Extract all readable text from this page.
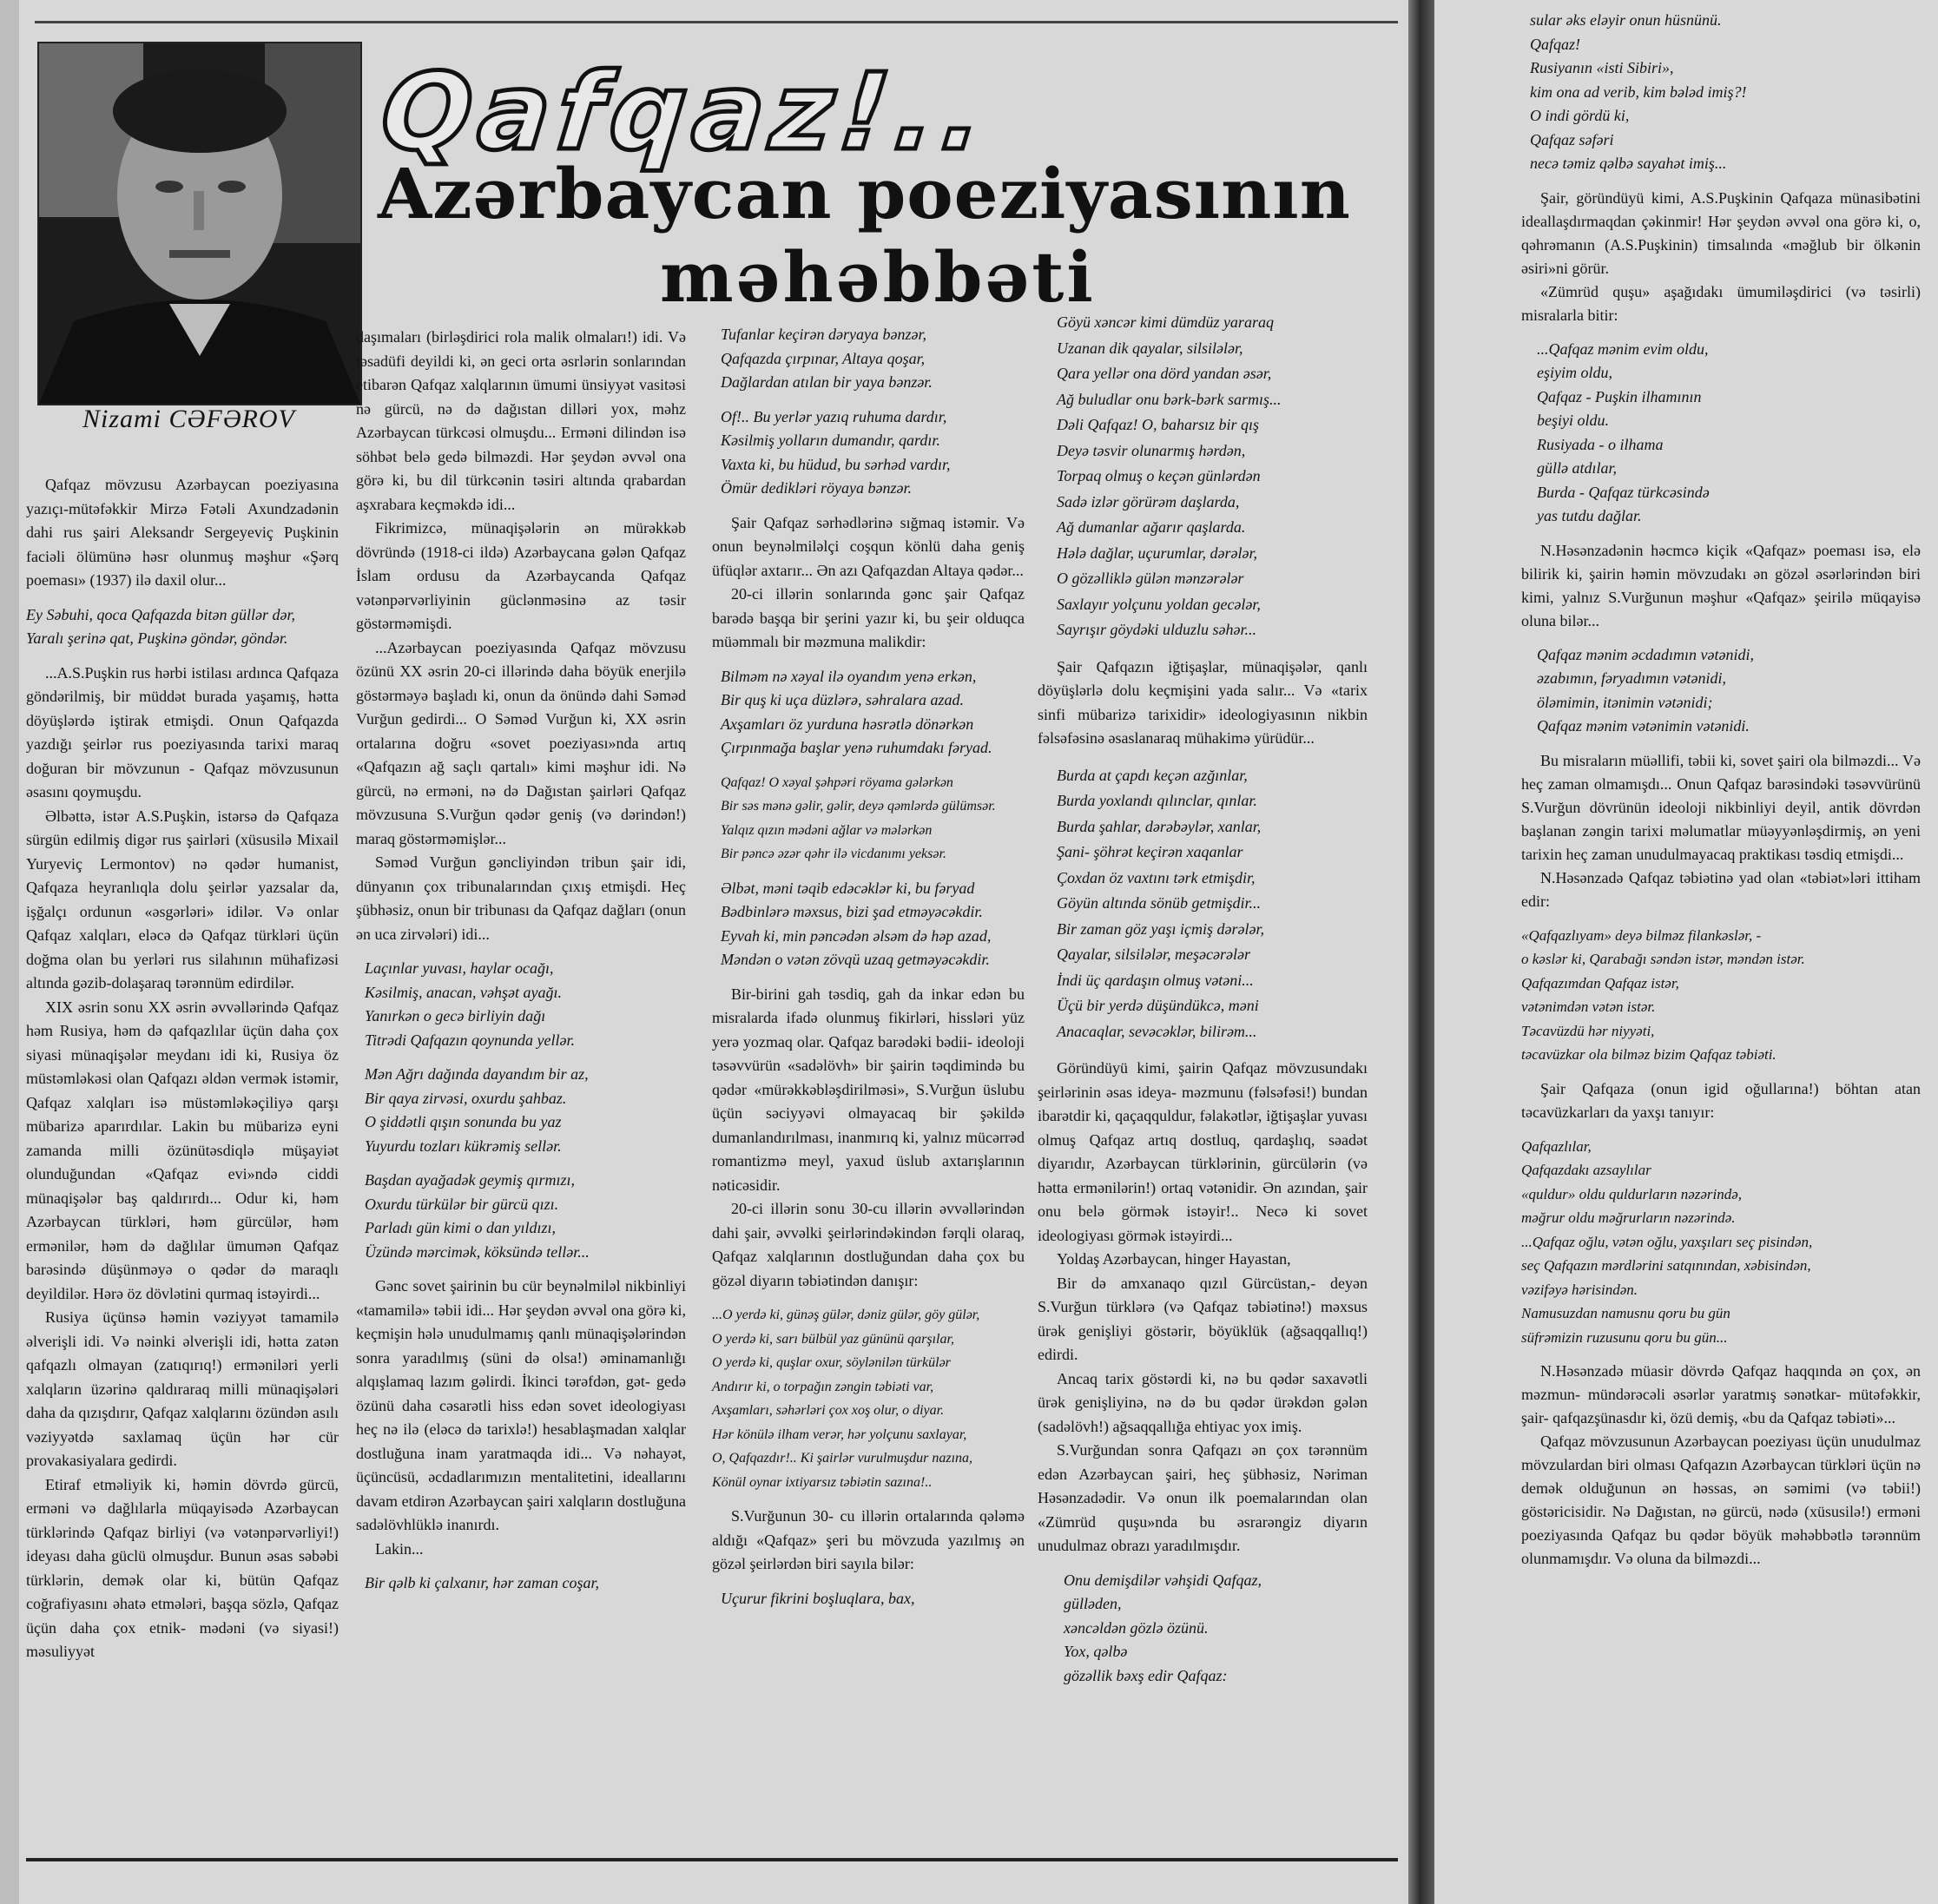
Nizami CƏFƏROV
Qafqaz!..
Azərbaycan poeziyasının
məhəbbəti

Qafqaz mövzusu Azərbaycan poeziyasına yazıçı-mütəfəkkir Mirzə Fətəli Axundzadənin dahi rus şairi Aleksandr Sergeyeviç Puşkinin faciəli ölümünə həsr olunmuş məşhur «Şərq poeması» (1937) ilə daxil olur...

Ey Səbuhi, qoca Qafqazda bitən güllər dər,
Yaralı şerinə qat, Puşkinə göndər, göndər.

...A.S.Puşkin rus hərbi istilası ardınca Qafqaza göndərilmiş, bir müddət burada yaşamış, hətta döyüşlərdə iştirak etmişdi. Onun Qafqazda yazdığı şeirlər rus poeziyasında tarixi maraq doğuran bir mövzunun - Qafqaz mövzusunun əsasını qoymuşdu.

Əlbəttə, istər A.S.Puşkin, istərsə də Qafqaza sürgün edilmiş digər rus şairləri (xüsusilə Mixail Yuryeviç Lermontov) nə qədər humanist, Qafqaza heyranlıqla dolu şeirlər yazsalar da, işğalçı ordunun «əsgərləri» idilər. Və onlar Qafqaz xalqları, eləcə də Qafqaz türkləri üçün doğma olan bu yerləri rus silahının mühafizəsi altında gəzib-dolaşaraq tərənnüm edirdilər.

XIX əsrin sonu XX əsrin əvvəllərində Qafqaz həm Rusiya, həm də qafqazlılar üçün daha çox siyasi münaqişələr meydanı idi ki, Rusiya öz müstəmləkəsi olan Qafqazı əldən vermək istəmir, Qafqaz xalqları isə müstəmləkəçiliyə qarşı mübarizə aparırdılar. Lakin bu mübarizə eyni zamanda milli özünütəsdiqlə müşayiət olunduğundan «Qafqaz evi»ndə ciddi münaqişələr baş qaldırırdı... Odur ki, həm Azərbaycan türkləri, həm gürcülər, həm ermənilər, həm də dağlılar ümumən Qafqaz barəsində düşünməyə o qədər də maraqlı deyildilər. Hərə öz dövlətini qurmaq istəyirdi...

Rusiya üçünsə həmin vəziyyət tamamilə əlverişli idi. Və nəinki əlverişli idi, hətta zatən qafqazlı olmayan (zatıqırıq!) erməniləri yerli xalqların üzərinə qaldıraraq milli münaqişələri daha da qızışdırır, Qafqaz xalqlarını özündən asılı vəziyyətdə saxlamaq üçün hər cür provakasiyalara gedirdi.

Etiraf etməliyik ki, həmin dövrdə gürcü, erməni və dağlılarla müqayisədə Azərbaycan türklərində Qafqaz birliyi (və vətənpərvərliyi!) ideyası daha güclü olmuşdur. Bunun əsas səbəbi türklərin, demək olar ki, bütün Qafqaz coğrafiyasını əhatə etmələri, başqa sözlə, Qafqaz üçün daha çox etnik- mədəni (və siyasi!) məsuliyyət

daşımaları (birləşdirici rola malik olmaları!) idi. Və təsadüfi deyildi ki, ən geci orta əsrlərin sonlarından etibarən Qafqaz xalqlarının ümumi ünsiyyət vasitəsi nə gürcü, nə də dağıstan dilləri yox, məhz Azərbaycan türkcəsi olmuşdu... Erməni dilindən isə söhbət belə gedə bilməzdi. Hər şeydən əvvəl ona görə ki, bu dil türkcənin təsiri altında qrabardan aşxrabara keçməkdə idi...

Fikrimizcə, münaqişələrin ən mürəkkəb dövründə (1918-ci ildə) Azərbaycana gələn Qafqaz İslam ordusu da Azərbaycanda Qafqaz vətənpərvərliyinin güclənməsinə az təsir göstərməmişdi.

...Azərbaycan poeziyasında Qafqaz mövzusu özünü XX əsrin 20-ci illərində daha böyük enerjilə göstərməyə başladı ki, onun da önündə dahi Səməd Vurğun gedirdi... O Səməd Vurğun ki, XX əsrin ortalarına doğru «sovet poeziyası»nda artıq «Qafqazın ağ saçlı qartalı» kimi məşhur idi. Nə gürcü, nə erməni, nə də Dağıstan şairləri Qafqaz mövzusuna S.Vurğun qədər geniş (və dərindən!) maraq göstərməmişlər...

Səməd Vurğun gəncliyindən tribun şair idi, dünyanın çox tribunalarından çıxış etmişdi. Heç şübhəsiz, onun bir tribunası da Qafqaz dağları (onun ən uca zirvələri) idi...

Laçınlar yuvası, haylar ocağı,
Kəsilmiş, anacan, vəhşət ayağı.
Yanırkən o gecə birliyin dağı
Titrədi Qafqazın qoynunda yellər.
Mən Ağrı dağında dayandım bir az,
Bir qaya zirvəsi, oxurdu şahbaz.
O şiddətli qışın sonunda bu yaz
Yuyurdu tozları kükrəmiş sellər.
Başdan ayağadək geymiş qırmızı,
Oxurdu türkülər bir gürcü qızı.
Parladı gün kimi o dan yıldızı,
Üzündə mərcimək, köksündə tellər...

Gənc sovet şairinin bu cür beynəlmiləl nikbinliyi «tamamilə» təbii idi... Hər şeydən əvvəl ona görə ki, keçmişin hələ unudulmamış qanlı münaqişələrindən sonra yaradılmış (süni də olsa!) əminamanlığı alqışlamaq lazım gəlirdi. İkinci tərəfdən, gət- gedə özünü daha cəsarətli hiss edən sovet ideologiyası heç nə ilə (eləcə də tarixlə!) hesablaşmadan xalqlar dostluğuna inam yaratmaqda idi... Və nəhayət, üçüncüsü, əcdadlarımızın mentalitetini, ideallarını davam etdirən Azərbaycan şairi xalqların dostluğuna sadəlövhlüklə inanırdı.

Lakin...

Bir qəlb ki çalxanır, hər zaman coşar,
Tufanlar keçirən dəryaya bənzər,
Qafqazda çırpınar, Altaya qoşar,
Dağlardan atılan bir yaya bənzər.
Of!.. Bu yerlər yazıq ruhuma dardır,
Kəsilmiş yolların dumandır, qardır.
Vaxta ki, bu hüdud, bu sərhəd vardır,
Ömür dedikləri röyaya bənzər.

Şair Qafqaz sərhədlərinə sığmaq istəmir. Və onun beynəlmiləlçi coşqun könlü daha geniş üfüqlər axtarır... Ən azı Qafqazdan Altaya qədər...

20-ci illərin sonlarında gənc şair Qafqaz barədə başqa bir şerini yazır ki, bu şeir olduqca müəmmalı bir məzmuna malikdir:

Bilməm nə xəyal ilə oyandım yenə erkən,
Bir quş ki uça düzlərə, səhralara azad.
Axşamları öz yurduna həsrətlə dönərkən
Çırpınmağa başlar yenə ruhumdakı fəryad.
Qafqaz! O xəyal şəhpəri röyama gələrkən
Bir səs mənə gəlir, gəlir, deyə qəmlərdə gülümsər.
Yalqız qızın mədəni ağlar və mələrkən
Bir pəncə əzər qəhr ilə vicdanımı yeksər.
Əlbət, məni təqib edəcəklər ki, bu fəryad
Bədbinlərə məxsus, bizi şad etməyəcəkdir.
Eyvah ki, min pəncədən əlsəm də həp azad,
Məndən o vətən zövqü uzaq getməyəcəkdir.

Bir-birini gah təsdiq, gah da inkar edən bu misralarda ifadə olunmuş fikirləri, hissləri yüz yerə yozmaq olar. Qafqaz barədəki bədii- ideoloji təsəvvürün «sadəlövh» bir şairin təqdimində bu qədər «mürəkkəbləşdirilməsi», S.Vurğun üslubu üçün səciyyəvi olmayacaq bir şəkildə dumanlandırılması, inanmırıq ki, yalnız mücərrəd romantizmə meyl, yaxud üslub axtarışlarının nəticəsidir.

20-ci illərin sonu 30-cu illərin əvvəllərindən dahi şair, əvvəlki şeirlərindəkindən fərqli olaraq, Qafqaz xalqlarının dostluğundan daha çox bu gözəl diyarın təbiətindən danışır:

...O yerdə ki, günəş gülər, dəniz gülər, göy gülər,
O yerdə ki, sarı bülbül yaz gününü qarşılar,
O yerdə ki, quşlar oxur, söylənilən türkülər
Andırır ki, o torpağın zəngin təbiəti var,
Axşamları, səhərləri çox xoş olur, o diyar.
Hər könülə ilham verər, hər yolçunu saxlayar,
O, Qafqazdır!.. Ki şairlər vurulmuşdur nazına,
Könül oynar ixtiyarsız təbiətin sazına!..

S.Vurğunun 30- cu illərin ortalarında qələmə aldığı «Qafqaz» şeri bu mövzuda yazılmış ən gözəl şeirlərdən biri sayıla bilər:

Uçurur fikrini boşluqlara, bax,
Göyü xəncər kimi dümdüz yararaq
Uzanan dik qayalar, silsilələr,
Qara yellər ona dörd yandan əsər,
Ağ buludlar onu bərk-bərk sarmış...
Dəli Qafqaz! O, baharsız bir qış
Deyə təsvir olunarmış hərdən,
Torpaq olmuş o keçən günlərdən
Sadə izlər görürəm daşlarda,
Ağ dumanlar ağarır qaşlarda.
Hələ dağlar, uçurumlar, dərələr,
O gözəlliklə gülən mənzərələr
Saxlayır yolçunu yoldan gecələr,
Sayrışır göydəki ulduzlu səhər...

Şair Qafqazın iğtişaşlar, münaqişələr, qanlı döyüşlərlə dolu keçmişini yada salır... Və «tarix sinfi mübarizə tarixidir» ideologiyasının nikbin fəlsəfəsinə əsaslanaraq mühakimə yürüdür...

Burda at çapdı keçən azğınlar,
Burda yoxlandı qılınclar, qınlar.
Burda şahlar, dərəbəylər, xanlar,
Şani- şöhrət keçirən xaqanlar
Çoxdan öz vaxtını tərk etmişdir,
Göyün altında sönüb getmişdir...
Bir zaman göz yaşı içmiş dərələr,
Qayalar, silsilələr, meşəcərələr
İndi üç qardaşın olmuş vətəni...
Üçü bir yerdə düşündükcə, məni
Anacaqlar, sevəcəklər, bilirəm...

Göründüyü kimi, şairin Qafqaz mövzusundakı şeirlərinin əsas ideya- məzmunu (fəlsəfəsi!) bundan ibarətdir ki, qaçaqquldur, fəlakətlər, iğtişaşlar yuvası olmuş Qafqaz artıq dostluq, qardaşlıq, səadət diyarıdır, Azərbaycan türklərinin, gürcülərin (və hətta ermənilərin!) ortaq vətənidir. Ən azından, şair onu belə görmək istəyir!.. Necə ki sovet ideologiyası görmək istəyirdi...

Yoldaş Azərbaycan, hinger Hayastan,

Bir də amxanaqo qızıl Gürcüstan,- deyən S.Vurğun türklərə (və Qafqaz təbiətinə!) məxsus ürək genişliyi göstərir, böyüklük (ağsaqqallıq!) edirdi.

Ancaq tarix göstərdi ki, nə bu qədər saxavətli ürək genişliyinə, nə də bu qədər ürəkdən gələn (sadəlövh!) ağsaqqallığa ehtiyac yox imiş.

S.Vurğundan sonra Qafqazı ən çox tərənnüm edən Azərbaycan şairi, heç şübhəsiz, Nəriman Həsənzadədir. Və onun ilk poemalarından olan «Zümrüd quşu»nda bu əsrarəngiz diyarın unudulmaz obrazı yaradılmışdır.

Onu demişdilər vəhşidi Qafqaz,
gülləden,
xəncəldən gözlə özünü.
Yox, qəlbə
gözəllik bəxş edir Qafqaz:
sular əks elәyir onun hüsnünü.
Qafqaz!
Rusiyanın «isti Sibiri»,
kim ona ad verib, kim bələd imiş?!
O indi gördü ki,
Qafqaz səfəri
necə təmiz qəlbə sayahət imiş...

Şair, göründüyü kimi, A.S.Puşkinin Qafqaza münasibətini ideallaşdırmaqdan çəkinmir! Hər şeydən əvvəl ona görə ki, o, qəhrəmanın (A.S.Puşkinin) timsalında «məğlub bir ölkənin əsiri»ni görür.

«Zümrüd quşu» aşağıdakı ümumiləşdirici (və təsirli) misralarla bitir:

...Qafqaz mənim evim oldu,
eşiyim oldu,
Qafqaz - Puşkin ilhamının
beşiyi oldu.
Rusiyada - o ilhama
güllə atdılar,
Burda - Qafqaz türkcəsində
yas tutdu dağlar.

N.Həsənzadənin həcmcə kiçik «Qafqaz» poeması isə, elə bilirik ki, şairin həmin mövzudakı ən gözəl əsərlərindən biri kimi, yalnız S.Vurğunun məşhur «Qafqaz» şeirilə müqayisə oluna bilər...

Qafqaz mənim əcdadımın vətənidi,
əzabımın, fəryadımın vətənidi,
öləmimin, itənimin vətənidi;
Qafqaz mənim vətənimin vətənidi.

Bu misraların müəllifi, təbii ki, sovet şairi ola bilməzdi... Və heç zaman olmamışdı... Onun Qafqaz barəsindəki təsəvvürünü S.Vurğun dövrünün ideoloji nikbinliyi deyil, antik dövrdən başlanan zəngin tarixi məlumatlar müəyyənləşdirmiş, ən yeni tarixin heç zaman unudulmayacaq praktikası təsdiq etmişdi...

N.Həsənzadə Qafqaz təbiətinə yad olan «təbiət»ləri ittiham edir:

«Qafqazlıyam» deyə bilməz filankəslər, -
o kəslər ki, Qarabağı səndən istər, məndən istər.
Qafqazımdan Qafqaz istər,
vətənimdən vətən istər.
Təcavüzdü hər niyyəti,
təcavüzkar ola bilməz bizim Qafqaz təbiəti.

Şair Qafqaza (onun igid oğullarına!) böhtan atan təcavüzkarları da yaxşı tanıyır:

Qafqazlılar,
Qafqazdakı azsaylılar
«quldur» oldu quldurların nəzərində,
məğrur oldu məğrurların nəzərində.
...Qafqaz oğlu, vətən oğlu, yaxşıları seç pisindən,
seç Qafqazın mərdlərini satqınından, xəbisindən,
vəzifəyə hərisindən.
Namusuzdan namusnu qoru bu gün
süfrəmizin ruzusunu qoru bu gün...

N.Həsənzadə müasir dövrdə Qafqaz haqqında ən çox, ən məzmun- mündərəcəli əsərlər yaratmış sənətkar- mütəfəkkir, şair- qafqazşünasdır ki, özü demiş, «bu da Qafqaz təbiəti»...

Qafqaz mövzusunun Azərbaycan poeziyası üçün unudulmaz mövzulardan biri olması Qafqazın Azərbaycan türkləri üçün nə demək olduğunun ən həssas, ən səmimi (və təbii!) göstəricisidir. Nə Dağıstan, nə gürcü, nədə (xüsusilə!) erməni poeziyasında Qafqaz bu qədər böyük məhəbbətlə tərənnüm olunmamışdır. Və oluna da bilməzdi...
